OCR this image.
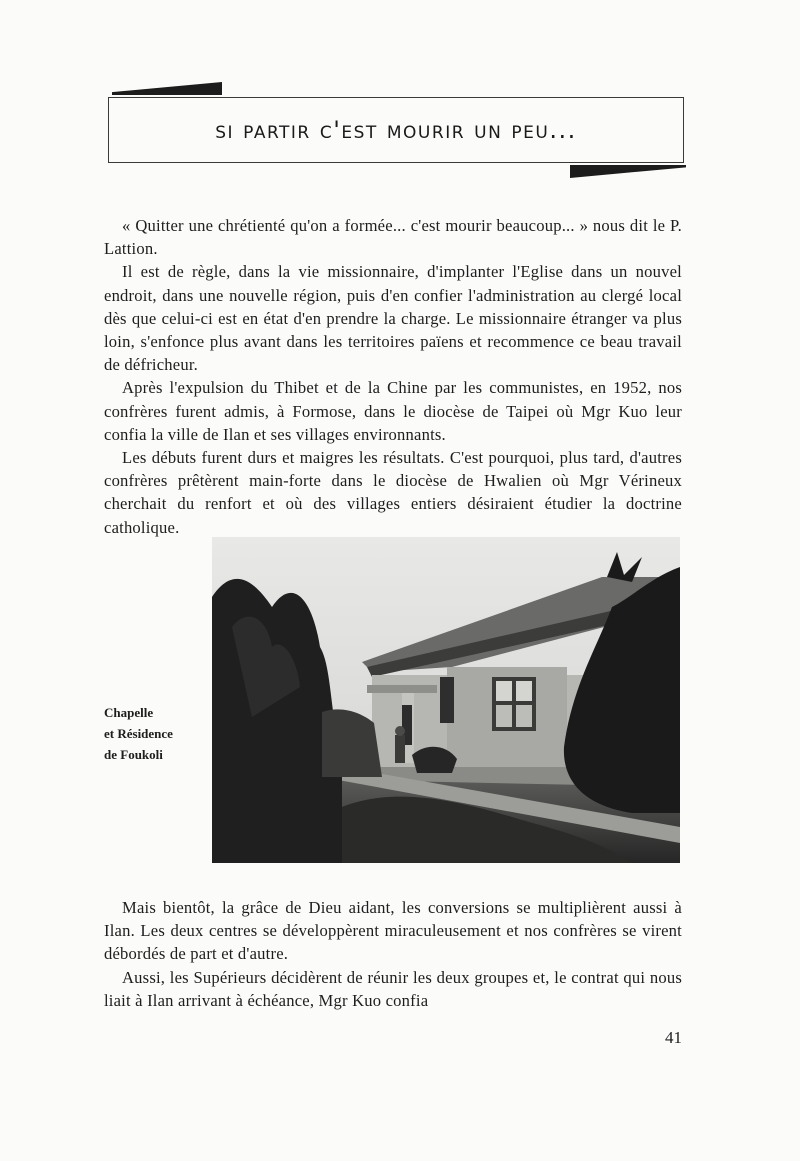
si partir c'est mourir un peu...

« Quitter une chrétienté qu'on a formée... c'est mourir beaucoup... » nous dit le P. Lattion.

Il est de règle, dans la vie missionnaire, d'implanter l'Eglise dans un nouvel endroit, dans une nouvelle région, puis d'en confier l'administration au clergé local dès que celui-ci est en état d'en prendre la charge. Le missionnaire étranger va plus loin, s'enfonce plus avant dans les territoires païens et recommence ce beau travail de défricheur.

Après l'expulsion du Thibet et de la Chine par les communistes, en 1952, nos confrères furent admis, à Formose, dans le diocèse de Taipei où Mgr Kuo leur confia la ville de Ilan et ses villages environnants.

Les débuts furent durs et maigres les résultats. C'est pourquoi, plus tard, d'autres confrères prêtèrent main-forte dans le diocèse de Hwalien où Mgr Vérineux cherchait du renfort et où des villages entiers désiraient étudier la doctrine catholique.

Chapelle
et Résidence
de Foukoli

Mais bientôt, la grâce de Dieu aidant, les conversions se multiplièrent aussi à Ilan. Les deux centres se développèrent miraculeusement et nos confrères se virent débordés de part et d'autre.

Aussi, les Supérieurs décidèrent de réunir les deux groupes et, le contrat qui nous liait à Ilan arrivant à échéance, Mgr Kuo confia

41
